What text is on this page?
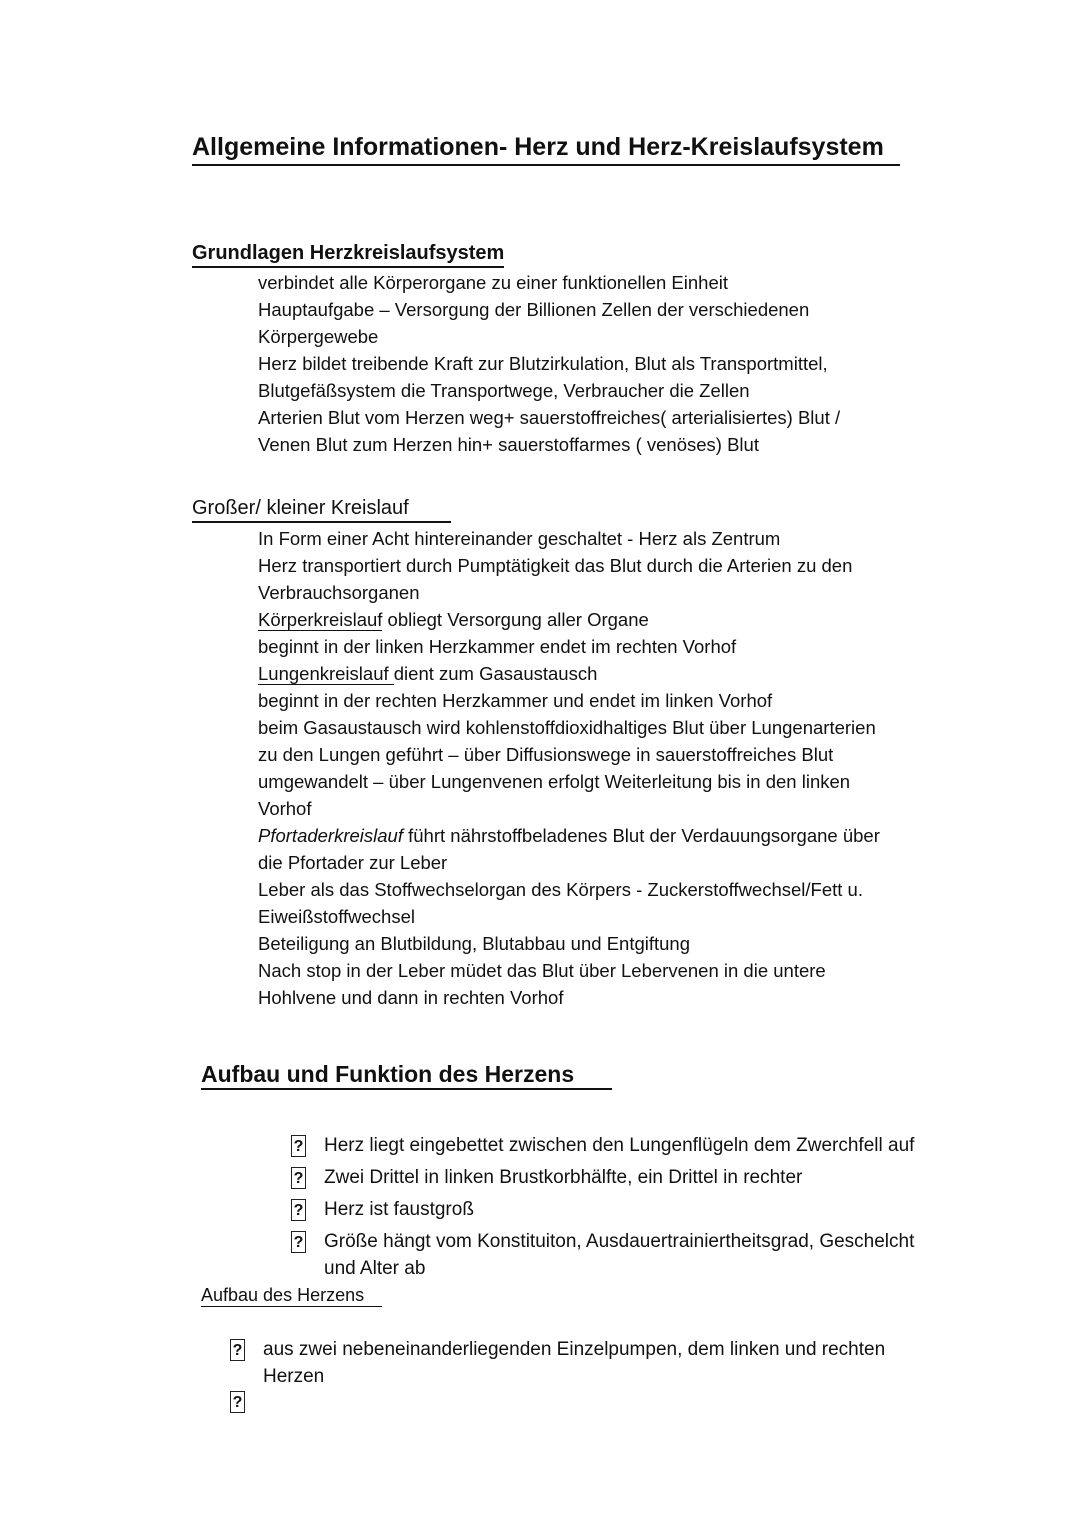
Allgemeine Informationen- Herz und Herz-Kreislaufsystem
Grundlagen Herzkreislaufsystem
verbindet alle Körperorgane zu einer funktionellen Einheit
Hauptaufgabe – Versorgung der Billionen Zellen der verschiedenen
Körpergewebe
Herz bildet treibende Kraft zur Blutzirkulation, Blut als Transportmittel,
Blutgefäßsystem die Transportwege, Verbraucher die Zellen
Arterien Blut vom Herzen weg+ sauerstoffreiches( arterialisiertes) Blut /
Venen Blut zum Herzen hin+ sauerstoffarmes ( venöses) Blut
Großer/ kleiner Kreislauf
In Form einer Acht hintereinander geschaltet - Herz als Zentrum
Herz transportiert durch Pumptätigkeit das Blut durch die Arterien zu den
Verbrauchsorganen
Körperkreislauf obliegt Versorgung aller Organe
beginnt in der linken Herzkammer endet im rechten Vorhof
Lungenkreislauf dient zum Gasaustausch
beginnt in der rechten Herzkammer und endet im linken Vorhof
beim Gasaustausch wird kohlenstoffdioxidhaltiges Blut über Lungenarterien
zu den Lungen geführt – über Diffusionswege in sauerstoffreiches Blut
umgewandelt – über Lungenvenen erfolgt Weiterleitung bis in den linken
Vorhof
Pfortaderkreislauf führt nährstoffbeladenes Blut der Verdauungsorgane über
die Pfortader zur Leber
Leber als das Stoffwechselorgan des Körpers - Zuckerstoffwechsel/Fett u.
Eiweißstoffwechsel
Beteiligung an Blutbildung, Blutabbau und Entgiftung
Nach stop in der Leber müdet das Blut über Lebervenen in die untere
Hohlvene und dann in rechten Vorhof
Aufbau und Funktion des Herzens
? Herz liegt eingebettet zwischen den Lungenflügeln dem Zwerchfell auf
? Zwei Drittel in linken Brustkorbhälfte, ein Drittel in rechter
? Herz ist faustgroß
? Größe hängt vom Konstituiton, Ausdauertrainiertheitsgrad, Geschelcht
und Alter ab
Aufbau des Herzens
? aus zwei nebeneinanderliegenden Einzelpumpen, dem linken und rechten
Herzen
?
